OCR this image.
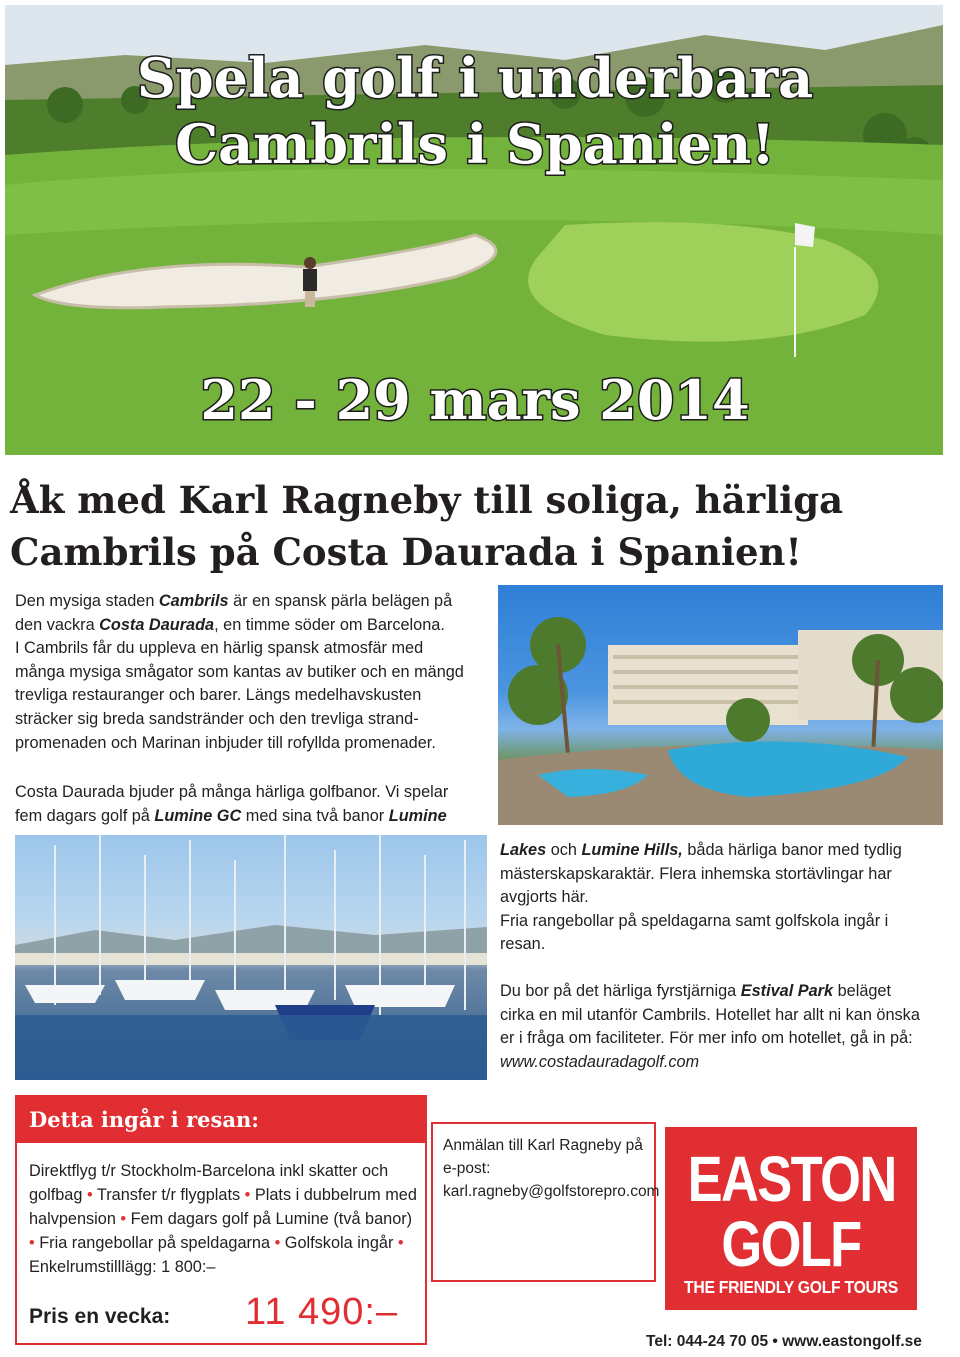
Spela golf i underbara
Cambrils i Spanien!
22 - 29 mars 2014
Åk med Karl Ragneby till soliga, härliga
Cambrils på Costa Daurada i Spanien!
Den mysiga staden Cambrils är en spansk pärla belägen på
den vackra Costa Daurada, en timme söder om Barcelona.
I Cambrils får du uppleva en härlig spansk atmosfär med
många mysiga smågator som kantas av butiker och en mängd
trevliga restauranger och barer. Längs medelhavskusten
sträcker sig breda sandstränder och den trevliga strand-
promenaden och Marinan inbjuder till rofyllda promenader.
Costa Daurada bjuder på många härliga golfbanor. Vi spelar
fem dagars golf på Lumine GC med sina två banor Lumine
Lakes och Lumine Hills, båda härliga banor med tydlig
mästerskapskaraktär. Flera inhemska stortävlingar har
avgjorts här.
Fria rangebollar på speldagarna samt golfskola ingår i
resan.
Du bor på det härliga fyrstjärniga Estival Park beläget
cirka en mil utanför Cambrils. Hotellet har allt ni kan önska
er i fråga om faciliteter. För mer info om hotellet, gå in på:
www.costadauradagolf.com
Detta ingår i resan:
Direktflyg t/r Stockholm-Barcelona inkl skatter och golfbag • Transfer t/r flygplats • Plats i dubbelrum med halvpension • Fem dagars golf på Lumine (två banor) • Fria rangebollar på speldagarna • Golfskola ingår • Enkelrumstilllägg: 1 800:–
Pris en vecka: 11 490:–
Anmälan till Karl Ragneby på
e-post:
karl.ragneby@golfstorepro.com EASTON
GOLF
THE FRIENDLY GOLF TOURS
Tel: 044-24 70 05 • www.eastongolf.se
